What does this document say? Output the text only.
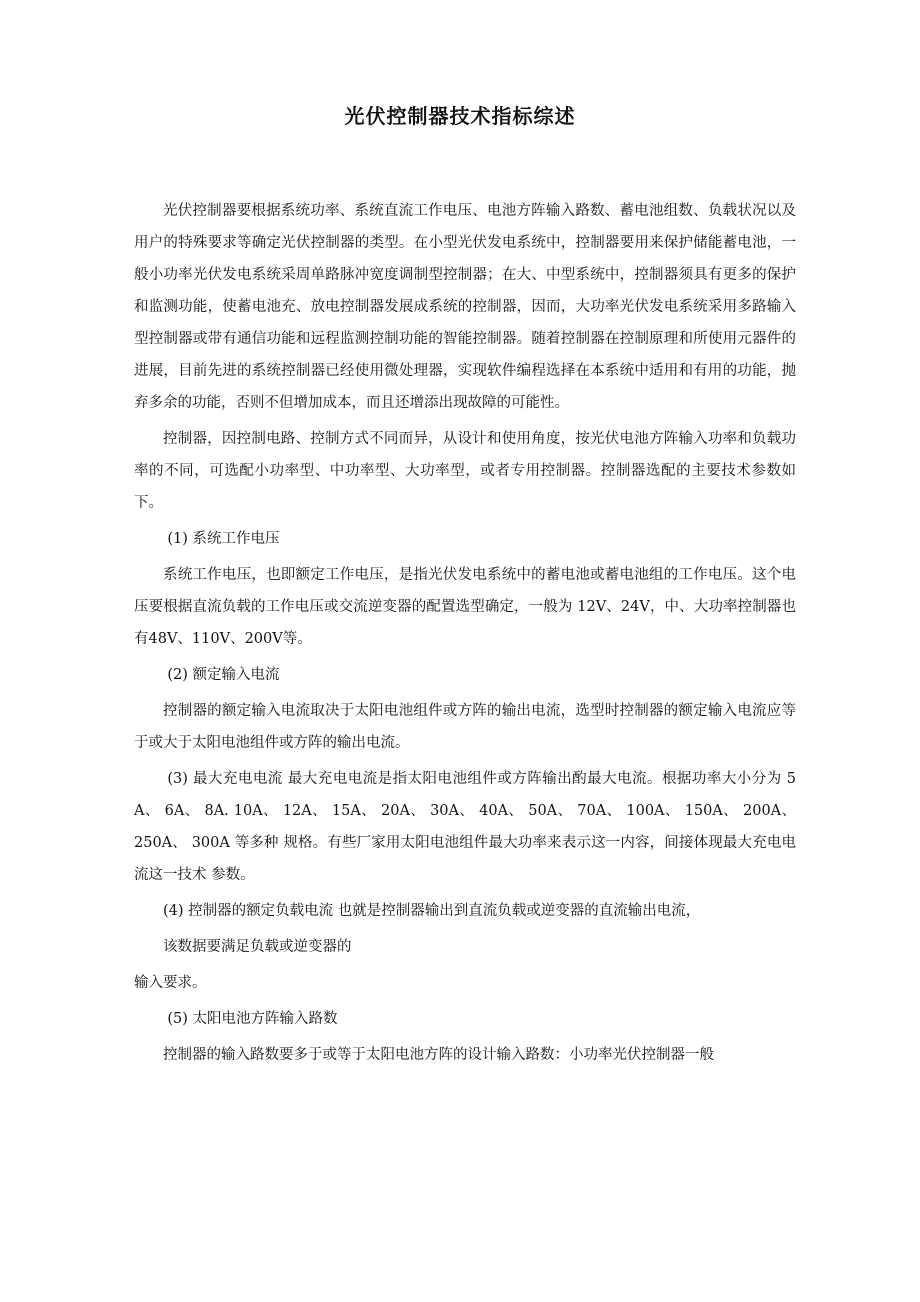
光伏控制器技术指标综述

光伏控制器要根据系统功率、系统直流工作电压、电池方阵输入路数、蓄电池组数、负载状况以及用户的特殊要求等确定光伏控制器的类型。在小型光伏发电系统中，控制器要用来保护储能蓄电池，一般小功率光伏发电系统采周单路脉冲宽度调制型控制器；在大、中型系统中，控制器须具有更多的保护和监测功能，使蓄电池充、放电控制器发展成系统的控制器，因而，大功率光伏发电系统采用多路输入型控制器或带有通信功能和远程监测控制功能的智能控制器。随着控制器在控制原理和所使用元器件的进展，目前先进的系统控制器已经使用微处理器，实现软件编程选择在本系统中适用和有用的功能，抛弃多余的功能，否则不但增加成本，而且还增添出现故障的可能性。

控制器，因控制电路、控制方式不同而异，从设计和使用角度，按光伏电池方阵输入功率和负载功率的不同，可选配小功率型、中功率型、大功率型，或者专用控制器。控制器选配的主要技术参数如下。

(1) 系统工作电压

系统工作电压，也即额定工作电压，是指光伏发电系统中的蓄电池或蓄电池组的工作电压。这个电压要根据直流负载的工作电压或交流逆变器的配置选型确定，一般为 12V、24V，中、大功率控制器也有48V、110V、200V等。

(2) 额定输入电流

控制器的额定输入电流取决于太阳电池组件或方阵的输出电流，选型时控制器的额定输入电流应等于或大于太阳电池组件或方阵的输出电流。

(3) 最大充电电流 最大充电电流是指太阳电池组件或方阵输出酌最大电流。根据功率大小分为 5A、 6A、 8A. 10A、 12A、 15A、 20A、 30A、 40A、 50A、 70A、 100A、 150A、 200A、 250A、 300A 等多种 规格。有些厂家用太阳电池组件最大功率来表示这一内容，间接体现最大充电电流这一技术 参数。

(4) 控制器的额定负载电流 也就是控制器输出到直流负载或逆变器的直流输出电流，

该数据要满足负载或逆变器的

输入要求。

(5) 太阳电池方阵输入路数

控制器的输入路数要多于或等于太阳电池方阵的设计输入路数：小功率光伏控制器一般
